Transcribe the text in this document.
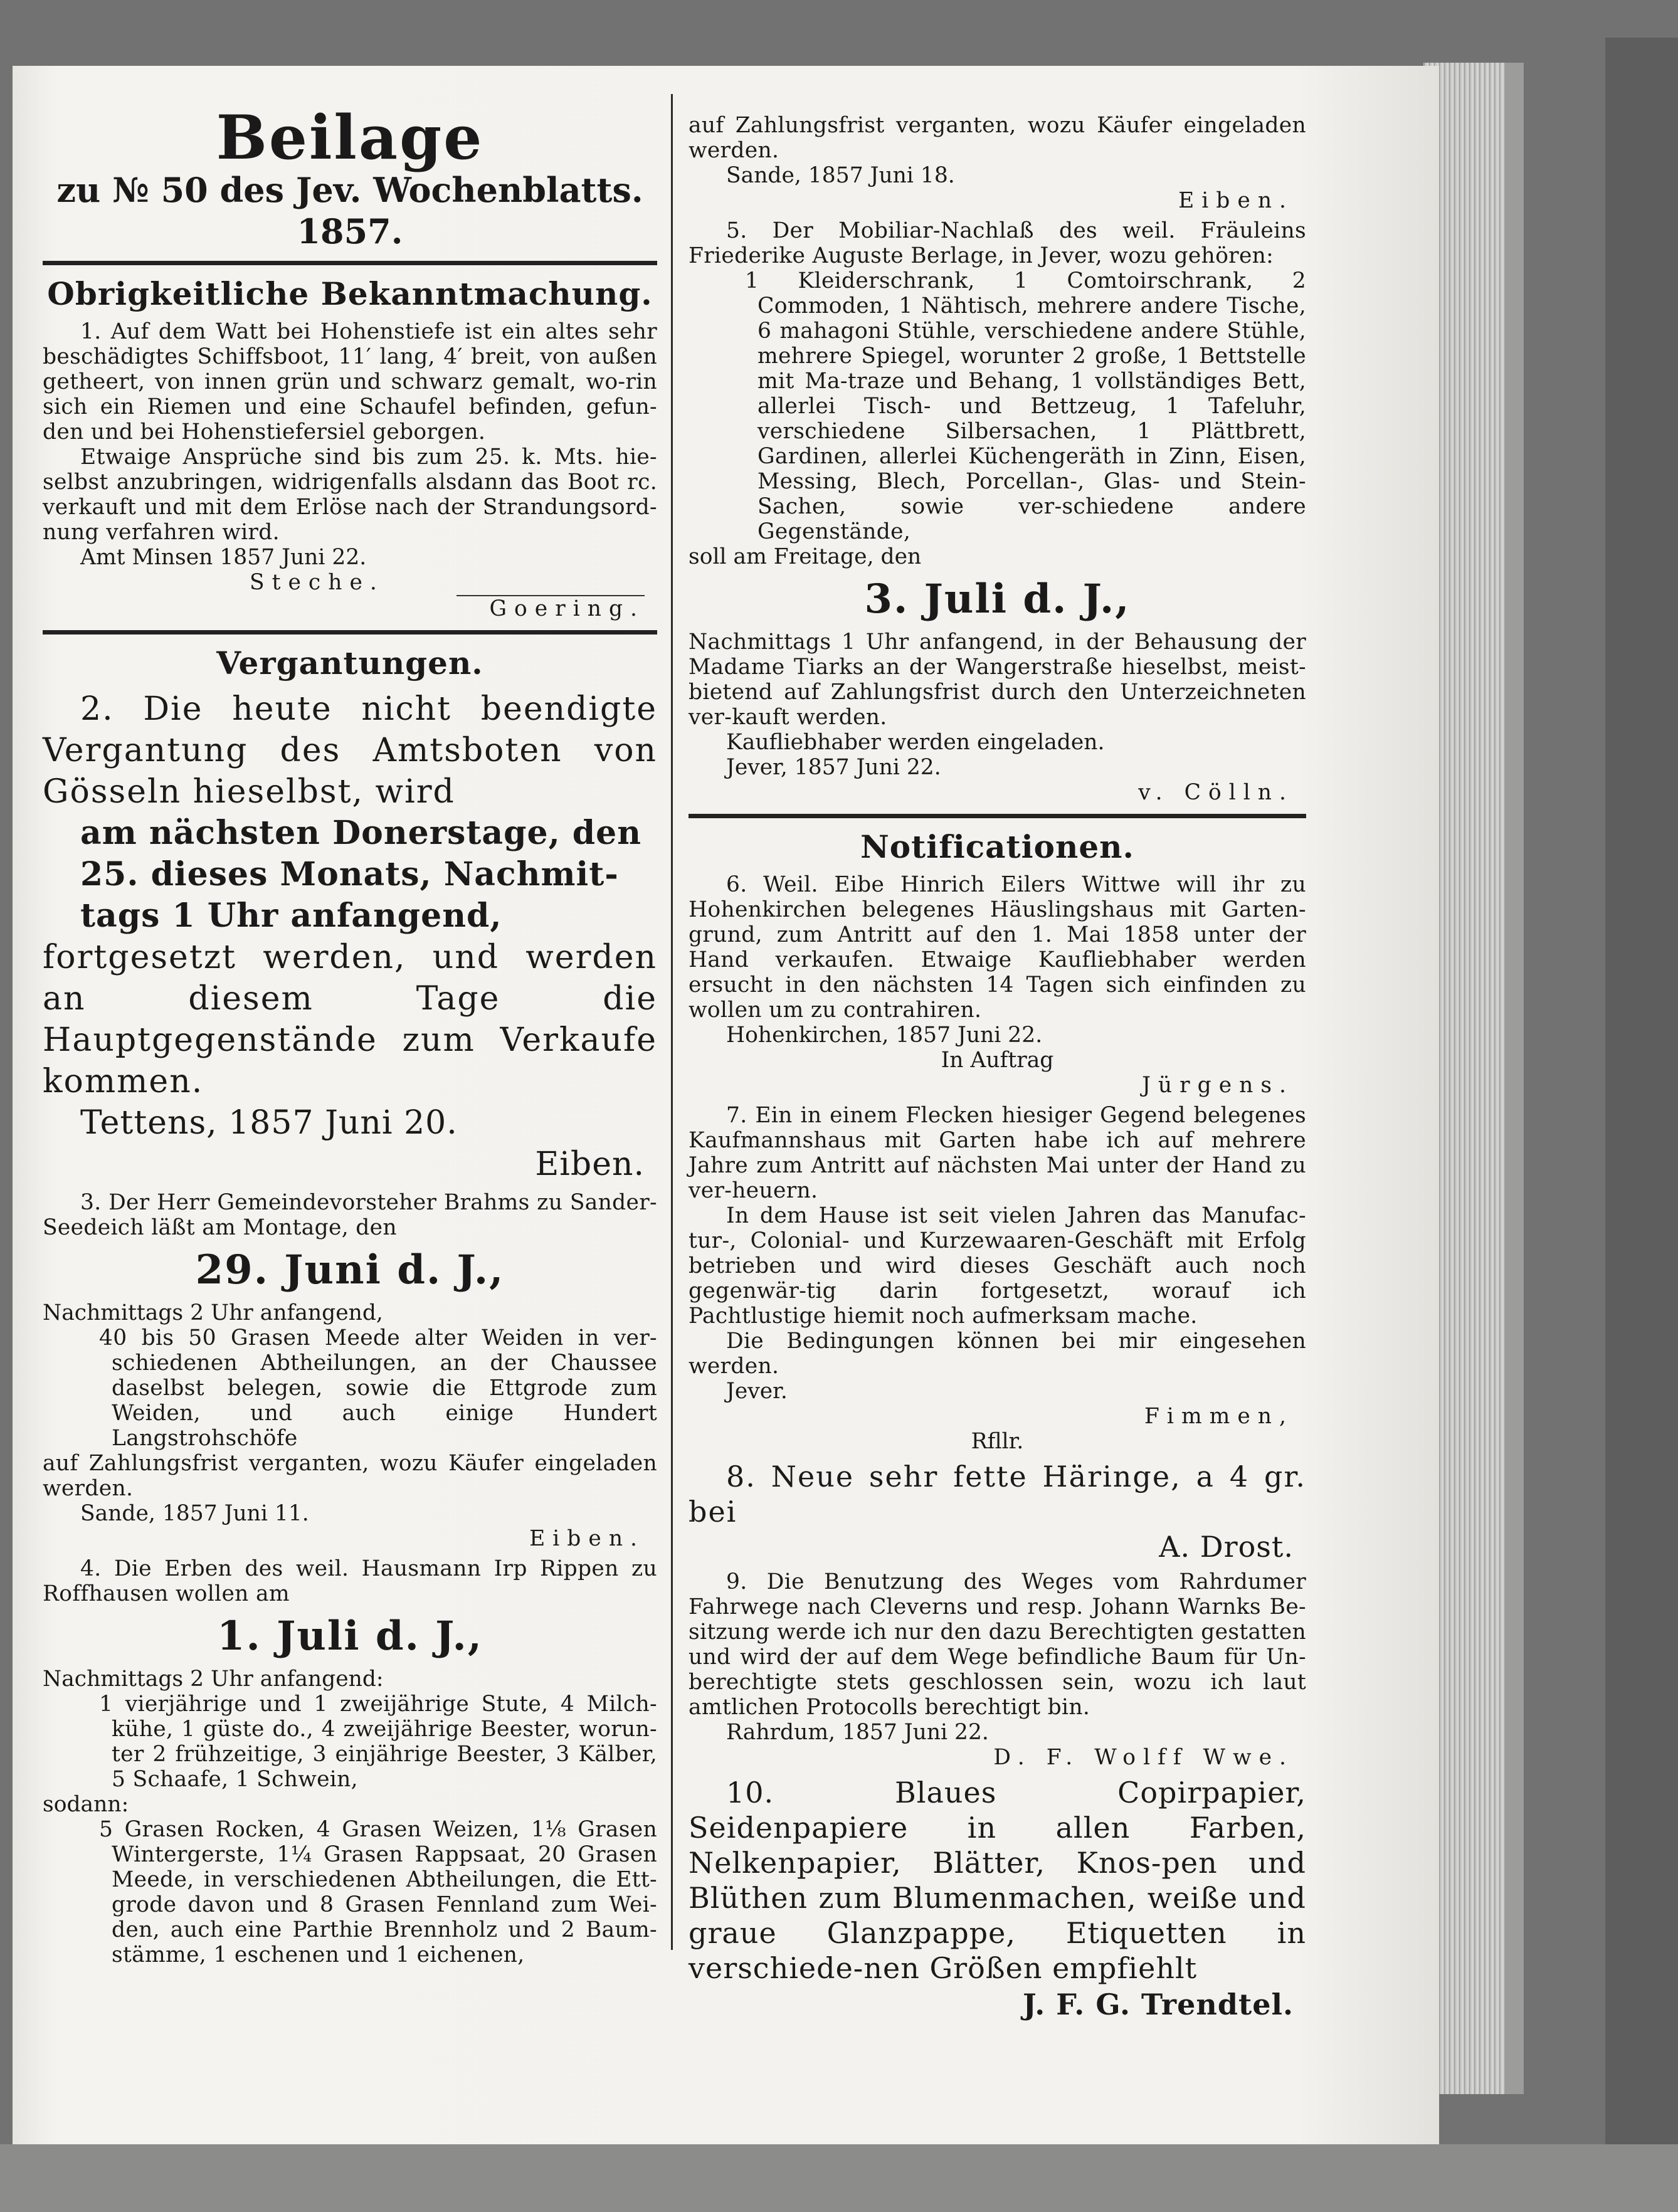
Beilage
zu № 50 des Jev. Wochenblatts. 1857.
Obrigkeitliche Bekanntmachung.

1. Auf dem Watt bei Hohenstiefe ist ein altes sehr beschädigtes Schiffsboot, 11′ lang, 4′ breit, von außen getheert, von innen grün und schwarz gemalt, wo-rin sich ein Riemen und eine Schaufel befinden, gefun-den und bei Hohenstiefersiel geborgen.

Etwaige Ansprüche sind bis zum 25. k. Mts. hie-selbst anzubringen, widrigenfalls alsdann das Boot rc. verkauft und mit dem Erlöse nach der Strandungsord-nung verfahren wird.

Amt Minsen 1857 Juni 22.

Steche.

Goering.

Vergantungen.

2. Die heute nicht beendigte Vergantung des Amtsboten von Gösseln hieselbst, wird

am nächsten Donerstage, den

25. dieses Monats, Nachmit-

tags 1 Uhr anfangend,

fortgesetzt werden, und werden an diesem Tage die Hauptgegenstände zum Verkaufe kommen.

Tettens, 1857 Juni 20.

Eiben.

3. Der Herr Gemeindevorsteher Brahms zu Sander-Seedeich läßt am Montage, den

29. Juni d. J.,

Nachmittags 2 Uhr anfangend,

40 bis 50 Grasen Meede alter Weiden in ver-schiedenen Abtheilungen, an der Chaussee daselbst belegen, sowie die Ettgrode zum Weiden, und auch einige Hundert Langstrohschöfe

auf Zahlungsfrist verganten, wozu Käufer eingeladen werden.

Sande, 1857 Juni 11.

Eiben.

4. Die Erben des weil. Hausmann Irp Rippen zu Roffhausen wollen am

1. Juli d. J.,

Nachmittags 2 Uhr anfangend:

1 vierjährige und 1 zweijährige Stute, 4 Milch-kühe, 1 güste do., 4 zweijährige Beester, worun-ter 2 frühzeitige, 3 einjährige Beester, 3 Kälber, 5 Schaafe, 1 Schwein,

sodann:

5 Grasen Rocken, 4 Grasen Weizen, 1⅛ Grasen Wintergerste, 1¼ Grasen Rappsaat, 20 Grasen Meede, in verschiedenen Abtheilungen, die Ett-grode davon und 8 Grasen Fennland zum Wei-den, auch eine Parthie Brennholz und 2 Baum-stämme, 1 eschenen und 1 eichenen,

auf Zahlungsfrist verganten, wozu Käufer eingeladen werden.

Sande, 1857 Juni 18.

Eiben.

5. Der Mobiliar-Nachlaß des weil. Fräuleins Friederike Auguste Berlage, in Jever, wozu gehören:

1 Kleiderschrank, 1 Comtoirschrank, 2 Commoden, 1 Nähtisch, mehrere andere Tische, 6 mahagoni Stühle, verschiedene andere Stühle, mehrere Spiegel, worunter 2 große, 1 Bettstelle mit Ma-traze und Behang, 1 vollständiges Bett, allerlei Tisch- und Bettzeug, 1 Tafeluhr, verschiedene Silbersachen, 1 Plättbrett, Gardinen, allerlei Küchengeräth in Zinn, Eisen, Messing, Blech, Porcellan-, Glas- und Stein-Sachen, sowie ver-schiedene andere Gegenstände,

soll am Freitage, den

3. Juli d. J.,

Nachmittags 1 Uhr anfangend, in der Behausung der Madame Tiarks an der Wangerstraße hieselbst, meist-bietend auf Zahlungsfrist durch den Unterzeichneten ver-kauft werden.

Kaufliebhaber werden eingeladen.

Jever, 1857 Juni 22.

v. Cölln.

Notificationen.

6. Weil. Eibe Hinrich Eilers Wittwe will ihr zu Hohenkirchen belegenes Häuslingshaus mit Garten-grund, zum Antritt auf den 1. Mai 1858 unter der Hand verkaufen. Etwaige Kaufliebhaber werden ersucht in den nächsten 14 Tagen sich einfinden zu wollen um zu contrahiren.

Hohenkirchen, 1857 Juni 22.

In Auftrag

Jürgens.

7. Ein in einem Flecken hiesiger Gegend belegenes Kaufmannshaus mit Garten habe ich auf mehrere Jahre zum Antritt auf nächsten Mai unter der Hand zu ver-heuern.

In dem Hause ist seit vielen Jahren das Manufac-tur-, Colonial- und Kurzewaaren-Geschäft mit Erfolg betrieben und wird dieses Geschäft auch noch gegenwär-tig darin fortgesetzt, worauf ich Pachtlustige hiemit noch aufmerksam mache.

Die Bedingungen können bei mir eingesehen werden.

Jever.

Fimmen,

Rfllr.

8. Neue sehr fette Häringe, a 4 gr. bei

A. Drost.

9. Die Benutzung des Weges vom Rahrdumer Fahrwege nach Cleverns und resp. Johann Warnks Be-sitzung werde ich nur den dazu Berechtigten gestatten und wird der auf dem Wege befindliche Baum für Un-berechtigte stets geschlossen sein, wozu ich laut amtlichen Protocolls berechtigt bin.

Rahrdum, 1857 Juni 22.

D. F. Wolff Wwe.

10. Blaues Copirpapier, Seidenpapiere in allen Farben, Nelkenpapier, Blätter, Knos-pen und Blüthen zum Blumenmachen, weiße und graue Glanzpappe, Etiquetten in verschiede-nen Größen empfiehlt

J. F. G. Trendtel.
